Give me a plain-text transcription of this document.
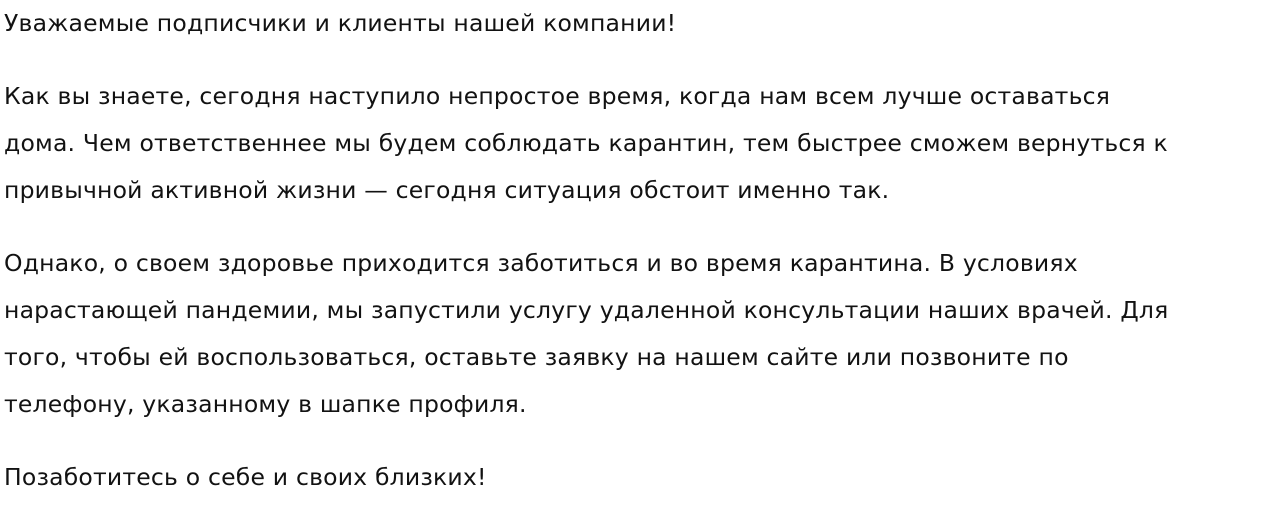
Уважаемые подписчики и клиенты нашей компании!
Как вы знаете, сегодня наступило непростое время, когда нам всем лучше оставаться
дома. Чем ответственнее мы будем соблюдать карантин, тем быстрее сможем вернуться к
привычной активной жизни — сегодня ситуация обстоит именно так.
Однако, о своем здоровье приходится заботиться и во время карантина. В условиях
нарастающей пандемии, мы запустили услугу удаленной консультации наших врачей. Для
того, чтобы ей воспользоваться, оставьте заявку на нашем сайте или позвоните по
телефону, указанному в шапке профиля.
Позаботитесь о себе и своих близких!
